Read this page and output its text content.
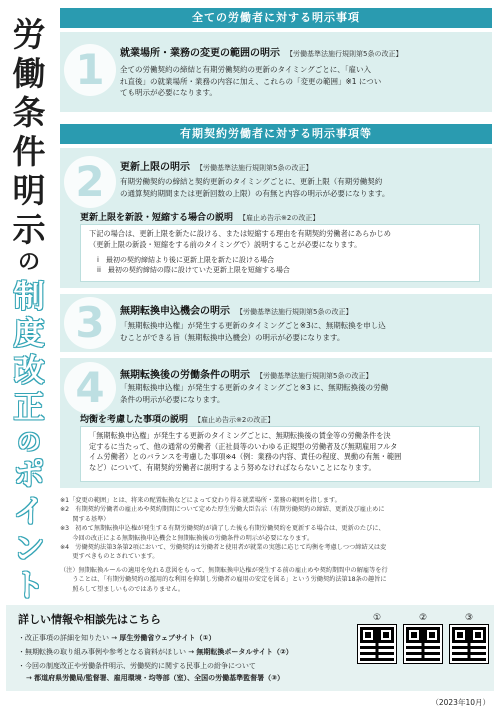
労
働
条
件
明
示
の
制
度
改
正
の
ポ
イ
ン
ト
全ての労働者に対する明示事項
1	就業場所・業務の変更の範囲の明示 【労働基準法施行規則第5条の改正】
全ての労働契約の締結と有期労働契約の更新のタイミングごとに、「雇い入
れ直後」の就業場所・業務の内容に加え、これらの「変更の範囲」※1 につい
ても明示が必要になります。
有期契約労働者に対する明示事項等
2	更新上限の明示 【労働基準法施行規則第5条の改正】
有期労働契約の締結と契約更新のタイミングごとに、更新上限（有期労働契約
の通算契約期間または更新回数の上限）の有無と内容の明示が必要になります。
更新上限を新設・短縮する場合の説明 【雇止め告示※2の改正】
下記の場合は、更新上限を新たに設ける、または短縮する理由を有期契約労働者にあらかじめ
（更新上限の新設・短縮をする前のタイミングで）説明することが必要になります。
i　最初の契約締結より後に更新上限を新たに設ける場合
ii　最初の契約締結の際に設けていた更新上限を短縮する場合
3	無期転換申込機会の明示 【労働基準法施行規則第5条の改正】
「無期転換申込権」が発生する更新のタイミングごと※3に、無期転換を申し込
むことができる旨（無期転換申込機会）の明示が必要になります。
4	無期転換後の労働条件の明示 【労働基準法施行規則第5条の改正】
「無期転換申込権」が発生する更新のタイミングごと※3 に、無期転換後の労働
条件の明示が必要になります。
均衡を考慮した事項の説明 【雇止め告示※2の改正】
「無期転換申込権」が発生する更新のタイミングごとに、無期転換後の賃金等の労働条件を決
定するに当たって、他の通常の労働者（正社員等のいわゆる正規型の労働者及び無期雇用フルタ
イム労働者）とのバランスを考慮した事項※4（例：業務の内容、責任の程度、異動の有無・範囲
など）について、有期契約労働者に説明するよう努めなければならないことになります。
※1「変更の範囲」とは、将来の配置転換などによって変わり得る就業場所・業務の範囲を指します。
※2　有期契約労働者の雇止めや契約期間について定めた厚生労働大臣告示（有期労働契約の締結、更新及び雇止めに
　　関する基準）
※3　初めて無期転換申込権が発生する有期労働契約が満了した後も有期労働契約を更新する場合は、更新のたびに、
　　今回の改正による無期転換申込機会と無期転換後の労働条件の明示が必要になります。
※4　労働契約法第3条第2項において、労働契約は労働者と使用者が就業の実態に応じて均衡を考慮しつつ締結又は変
　　更すべきものとされています。
（注）無期転換ルールの適用を免れる意図をもって、無期転換申込権が発生する前の雇止めや契約期間中の解雇等を行
　　うことは、「有期労働契約の濫用的な利用を抑制し労働者の雇用の安定を図る」という労働契約法第18条の趣旨に
　　照らして望ましいものではありません。
詳しい情報や相談先はこちら
・改正事項の詳細を知りたい → 厚生労働省ウェブサイト（①）
・無期転換の取り組み事例や参考となる資料がほしい → 無期転換ポータルサイト（②）
・今回の制度改正や労働条件明示、労働契約に関する民事上の紛争について
→ 都道府県労働局/監督署、雇用環境・均等部（室）、全国の労働基準監督署（③）
①	②	③
（2023年10月）
